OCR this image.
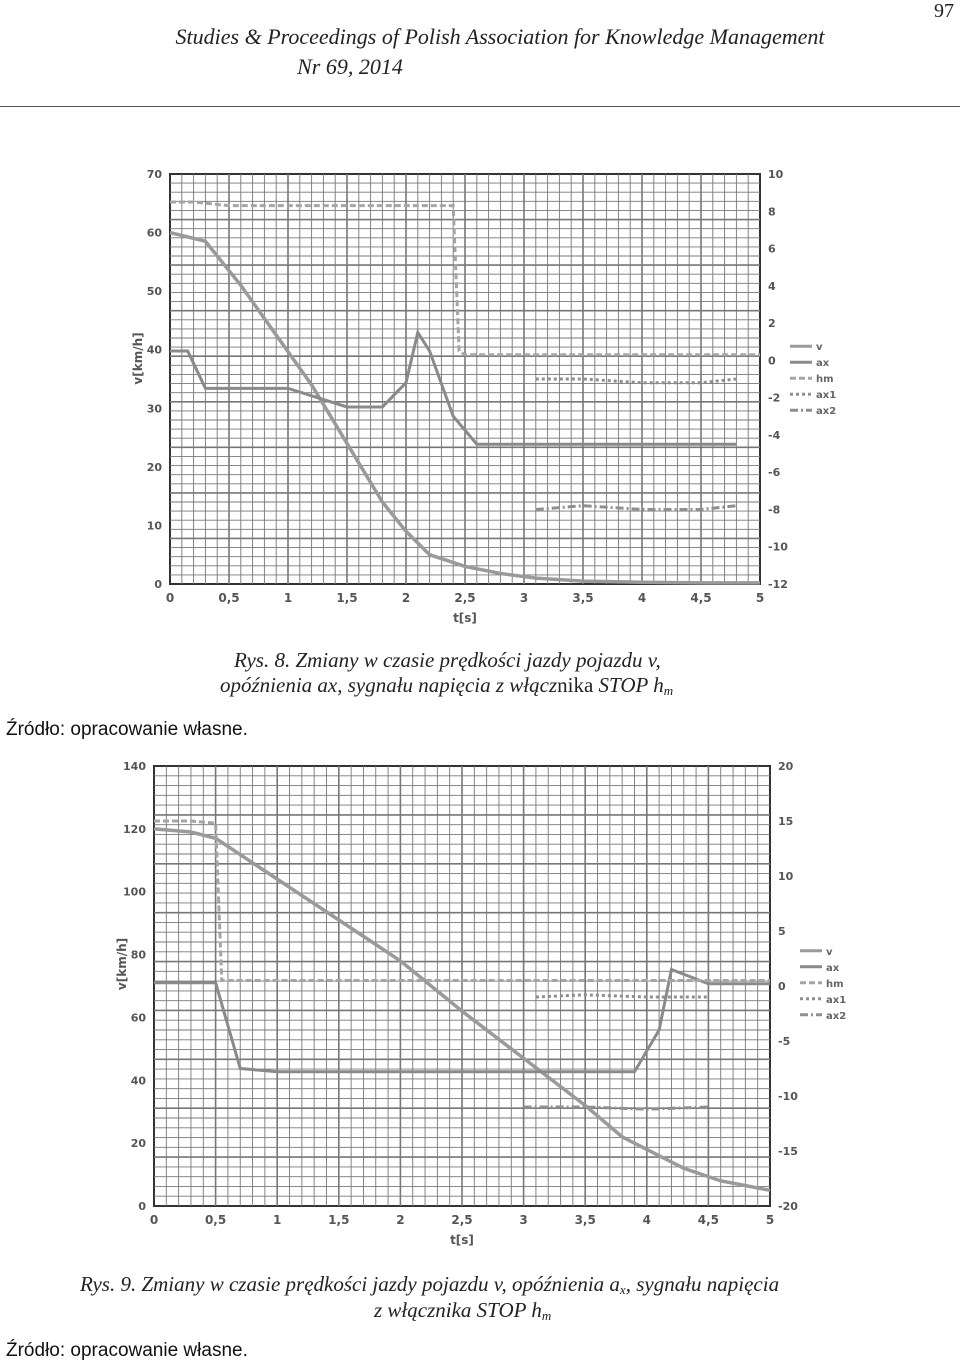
Studies & Proceedings of Polish Association for Knowledge Management
Nr 69, 2014
97
0	0,5	1	1,5	2	2,5	3	3,5	4	4,5	5
0
10
20
30
40
50
60
70
-12
-10
-8
-6
-4
-2
0
2
4
6
8
10
t[s]
v[km/h]	v
ax
hm
ax1
ax2
Rys. 8. Zmiany w czasie prędkości jazdy pojazdu v,
opóźnienia ax, sygnału napięcia z włącznika STOP $h_m$
Źródło: opracowanie własne.
0	0,5	1	1,5	2	2,5	3	3,5	4	4,5	5
0
20
40
60
80
100
120
140
-20
-15
-10
-5
0
5
10
15
20
t[s]
v[km/h]	v
ax
hm
ax1
ax2
Rys. 9. Zmiany w czasie prędkości jazdy pojazdu v, opóźnienia $a_x$, sygnału napięcia
z włącznika STOP $h_m$
Źródło: opracowanie własne.
